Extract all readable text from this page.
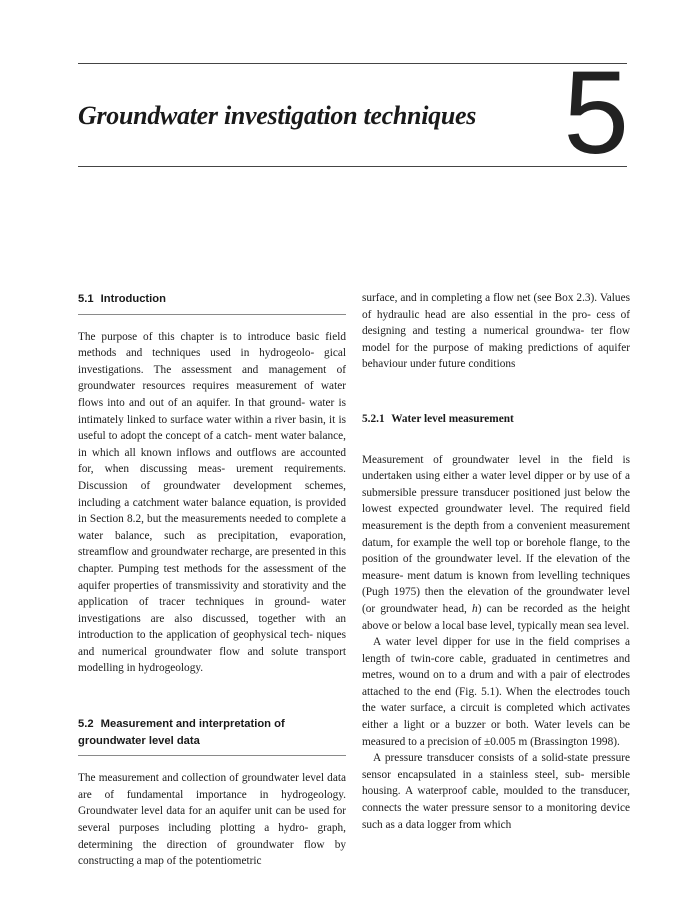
Groundwater investigation techniques 5
5.1 Introduction

The purpose of this chapter is to introduce basic field methods and techniques used in hydrogeolo- gical investigations. The assessment and management of groundwater resources requires measurement of water flows into and out of an aquifer. In that ground- water is intimately linked to surface water within a river basin, it is useful to adopt the concept of a catch- ment water balance, in which all known inflows and outflows are accounted for, when discussing meas- urement requirements. Discussion of groundwater development schemes, including a catchment water balance equation, is provided in Section 8.2, but the measurements needed to complete a water balance, such as precipitation, evaporation, streamflow and groundwater recharge, are presented in this chapter. Pumping test methods for the assessment of the aquifer properties of transmissivity and storativity and the application of tracer techniques in ground- water investigations are also discussed, together with an introduction to the application of geophysical tech- niques and numerical groundwater flow and solute transport modelling in hydrogeology.

5.2 Measurement and interpretation of
groundwater level data

The measurement and collection of groundwater level data are of fundamental importance in hydrogeology. Groundwater level data for an aquifer unit can be used for several purposes including plotting a hydro- graph, determining the direction of groundwater flow by constructing a map of the potentiometric

surface, and in completing a flow net (see Box 2.3). Values of hydraulic head are also essential in the pro- cess of designing and testing a numerical groundwa- ter flow model for the purpose of making predictions of aquifer behaviour under future conditions

5.2.1 Water level measurement

Measurement of groundwater level in the field is undertaken using either a water level dipper or by use of a submersible pressure transducer positioned just below the lowest expected groundwater level. The required field measurement is the depth from a convenient measurement datum, for example the well top or borehole flange, to the position of the groundwater level. If the elevation of the measure- ment datum is known from levelling techniques (Pugh 1975) then the elevation of the groundwater level (or groundwater head, h) can be recorded as the height above or below a local base level, typically mean sea level.

A water level dipper for use in the field comprises a length of twin-core cable, graduated in centimetres and metres, wound on to a drum and with a pair of electrodes attached to the end (Fig. 5.1). When the electrodes touch the water surface, a circuit is completed which activates either a light or a buzzer or both. Water levels can be measured to a precision of ±0.005 m (Brassington 1998).

A pressure transducer consists of a solid-state pressure sensor encapsulated in a stainless steel, sub- mersible housing. A waterproof cable, moulded to the transducer, connects the water pressure sensor to a monitoring device such as a data logger from which
